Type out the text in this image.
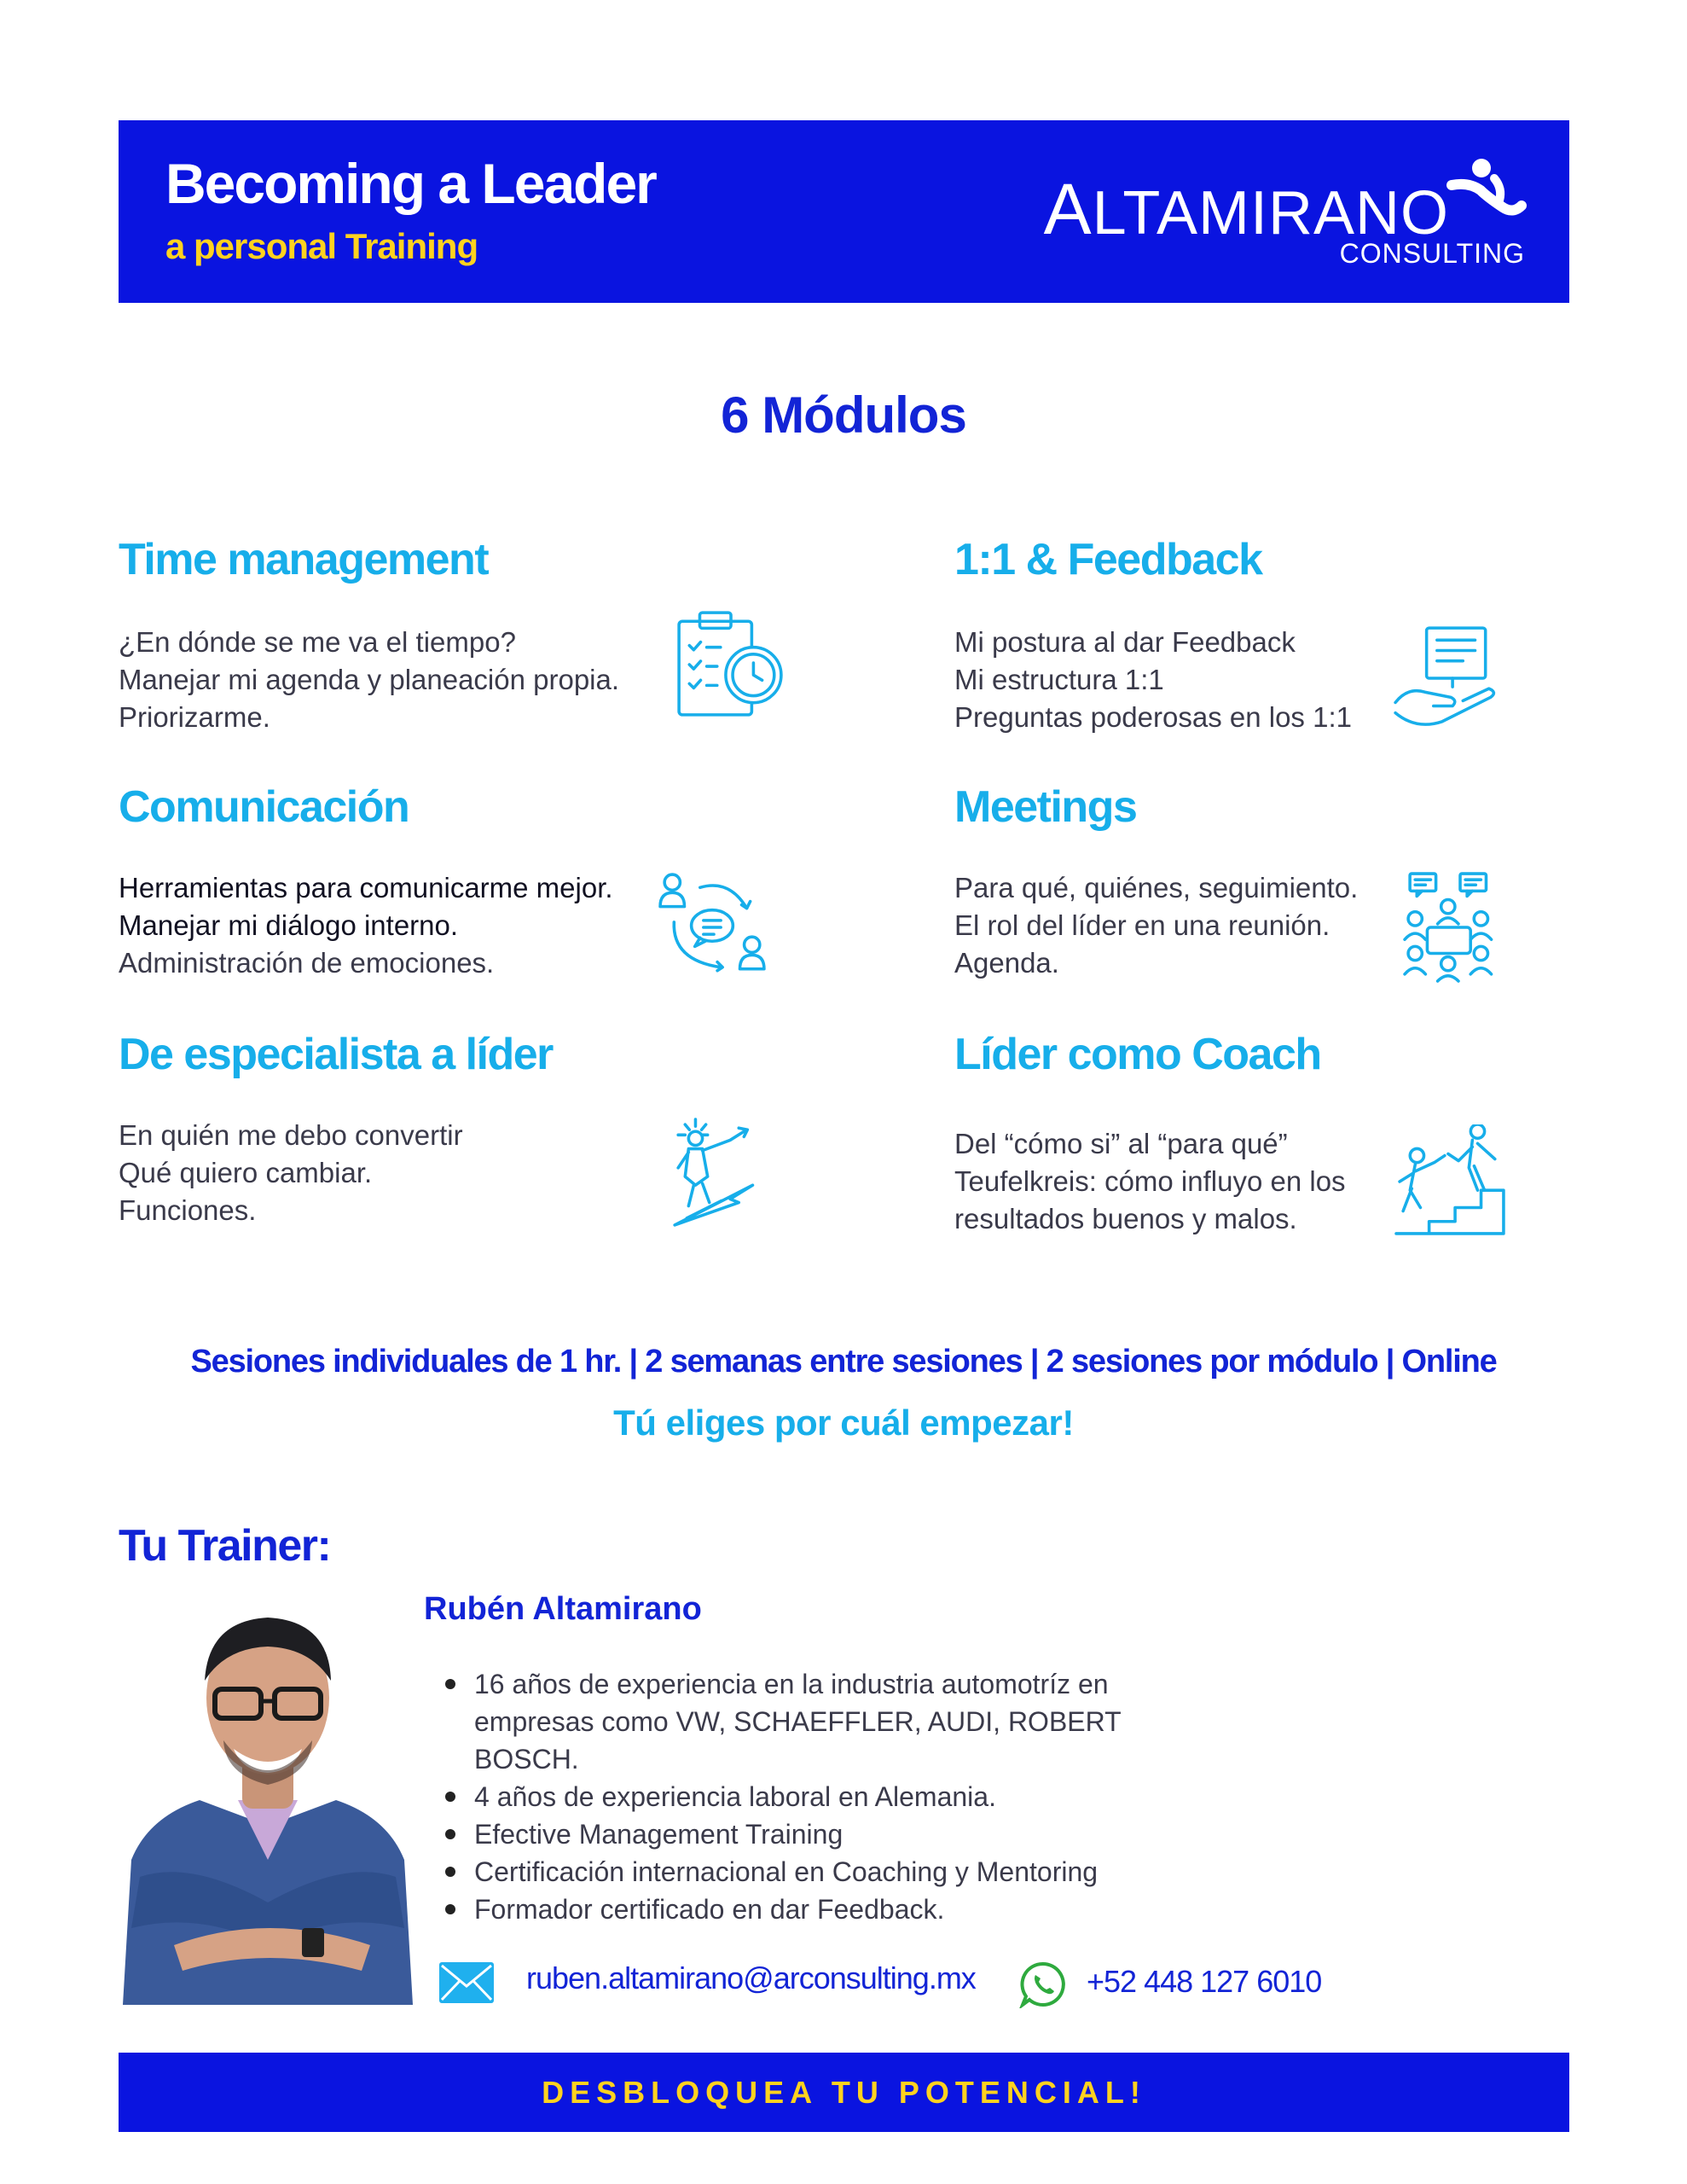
Becoming a Leader
a personal Training	ALTAMIRANO
CONSULTING
6 Módulos
Time management
¿En dónde se me va el tiempo?
Manejar mi agenda y planeación propia.
Priorizarme.
1:1 & Feedback
Mi postura al dar Feedback
Mi estructura 1:1
Preguntas poderosas en los 1:1
Comunicación
Herramientas para comunicarme mejor.
Manejar mi diálogo interno.
Administración de emociones.
Meetings
Para qué, quiénes, seguimiento.
El rol del líder en una reunión.
Agenda.
De especialista a líder
En quién me debo convertir
Qué quiero cambiar.
Funciones.
Líder como Coach
Del “cómo si” al “para qué”
Teufelkreis: cómo influyo en los
resultados buenos y malos.
Sesiones individuales de 1 hr. | 2 semanas entre sesiones | 2 sesiones por módulo | Online
Tú eliges por cuál empezar!
Tu Trainer:
Rubén Altamirano
16 años de experiencia en la industria automotríz en
empresas como VW, SCHAEFFLER, AUDI, ROBERT
BOSCH.
4 años de experiencia laboral en Alemania.
Efective Management Training
Certificación internacional en Coaching y Mentoring
Formador certificado en dar Feedback.
ruben.altamirano@arconsulting.mx	+52 448 127 6010
DESBLOQUEA TU POTENCIAL!
